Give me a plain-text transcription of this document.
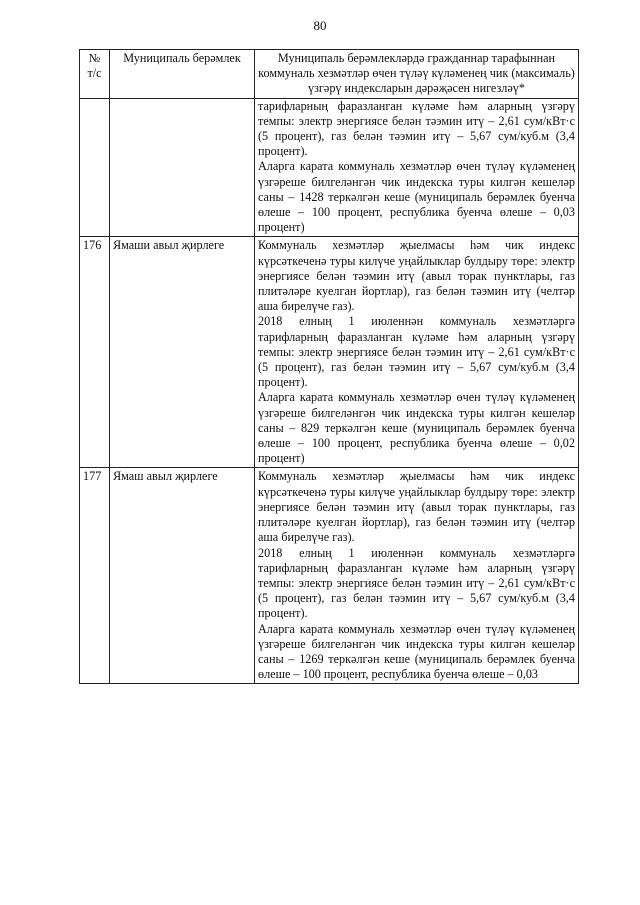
80
№ т/с	Муниципаль берәмлек	Муниципаль берәмлекләрдә гражданнар тарафыннан коммуналь хезмәтләр өчен түләү күләменең чик (максималь) үзгәрү индексларын дәрәҗәсен нигезләү*

		тарифларның фаразланган күләме һәм аларның үзгәрү темпы: электр энергиясе белән тәэмин итү – 2,61 сум/кВт·с (5 процент), газ белән тәэмин итү – 5,67 сум/куб.м (3,4 процент).

Аларга карата коммуналь хезмәтләр өчен түләү күләменең үзгәреше билгеләнгән чик индекска туры килгән кешеләр саны – 1428 теркәлгән кеше (муниципаль берәмлек буенча өлеше – 100 процент, республика буенча өлеше – 0,03 процент)

176	Ямаши авыл җирлеге	Коммуналь хезмәтләр җыелмасы һәм чик индекс күрсәткеченә туры килүче уңайлыклар булдыру төре: электр энергиясе белән тәэмин итү (авыл торак пунктлары, газ плитәләре куелган йортлар), газ белән тәэмин итү (челтәр аша бирелүче газ).

2018 елның 1 июленнән коммуналь хезмәтләргә тарифларның фаразланган күләме һәм аларның үзгәрү темпы: электр энергиясе белән тәэмин итү – 2,61 сум/кВт·с (5 процент), газ белән тәэмин итү – 5,67 сум/куб.м (3,4 процент).

Аларга карата коммуналь хезмәтләр өчен түләү күләменең үзгәреше билгеләнгән чик индекска туры килгән кешеләр саны – 829 теркәлгән кеше (муниципаль берәмлек буенча өлеше – 100 процент, республика буенча өлеше – 0,02 процент)

177	Ямаш авыл җирлеге	Коммуналь хезмәтләр җыелмасы һәм чик индекс күрсәткеченә туры килүче уңайлыклар булдыру төре: электр энергиясе белән тәэмин итү (авыл торак пунктлары, газ плитәләре куелган йортлар), газ белән тәэмин итү (челтәр аша бирелүче газ).

2018 елның 1 июленнән коммуналь хезмәтләргә тарифларның фаразланган күләме һәм аларның үзгәрү темпы: электр энергиясе белән тәэмин итү – 2,61 сум/кВт·с (5 процент), газ белән тәэмин итү – 5,67 сум/куб.м (3,4 процент).

Аларга карата коммуналь хезмәтләр өчен түләү күләменең үзгәреше билгеләнгән чик индекска туры килгән кешеләр саны – 1269 теркәлгән кеше (муниципаль берәмлек буенча өлеше – 100 процент, республика буенча өлеше – 0,03
